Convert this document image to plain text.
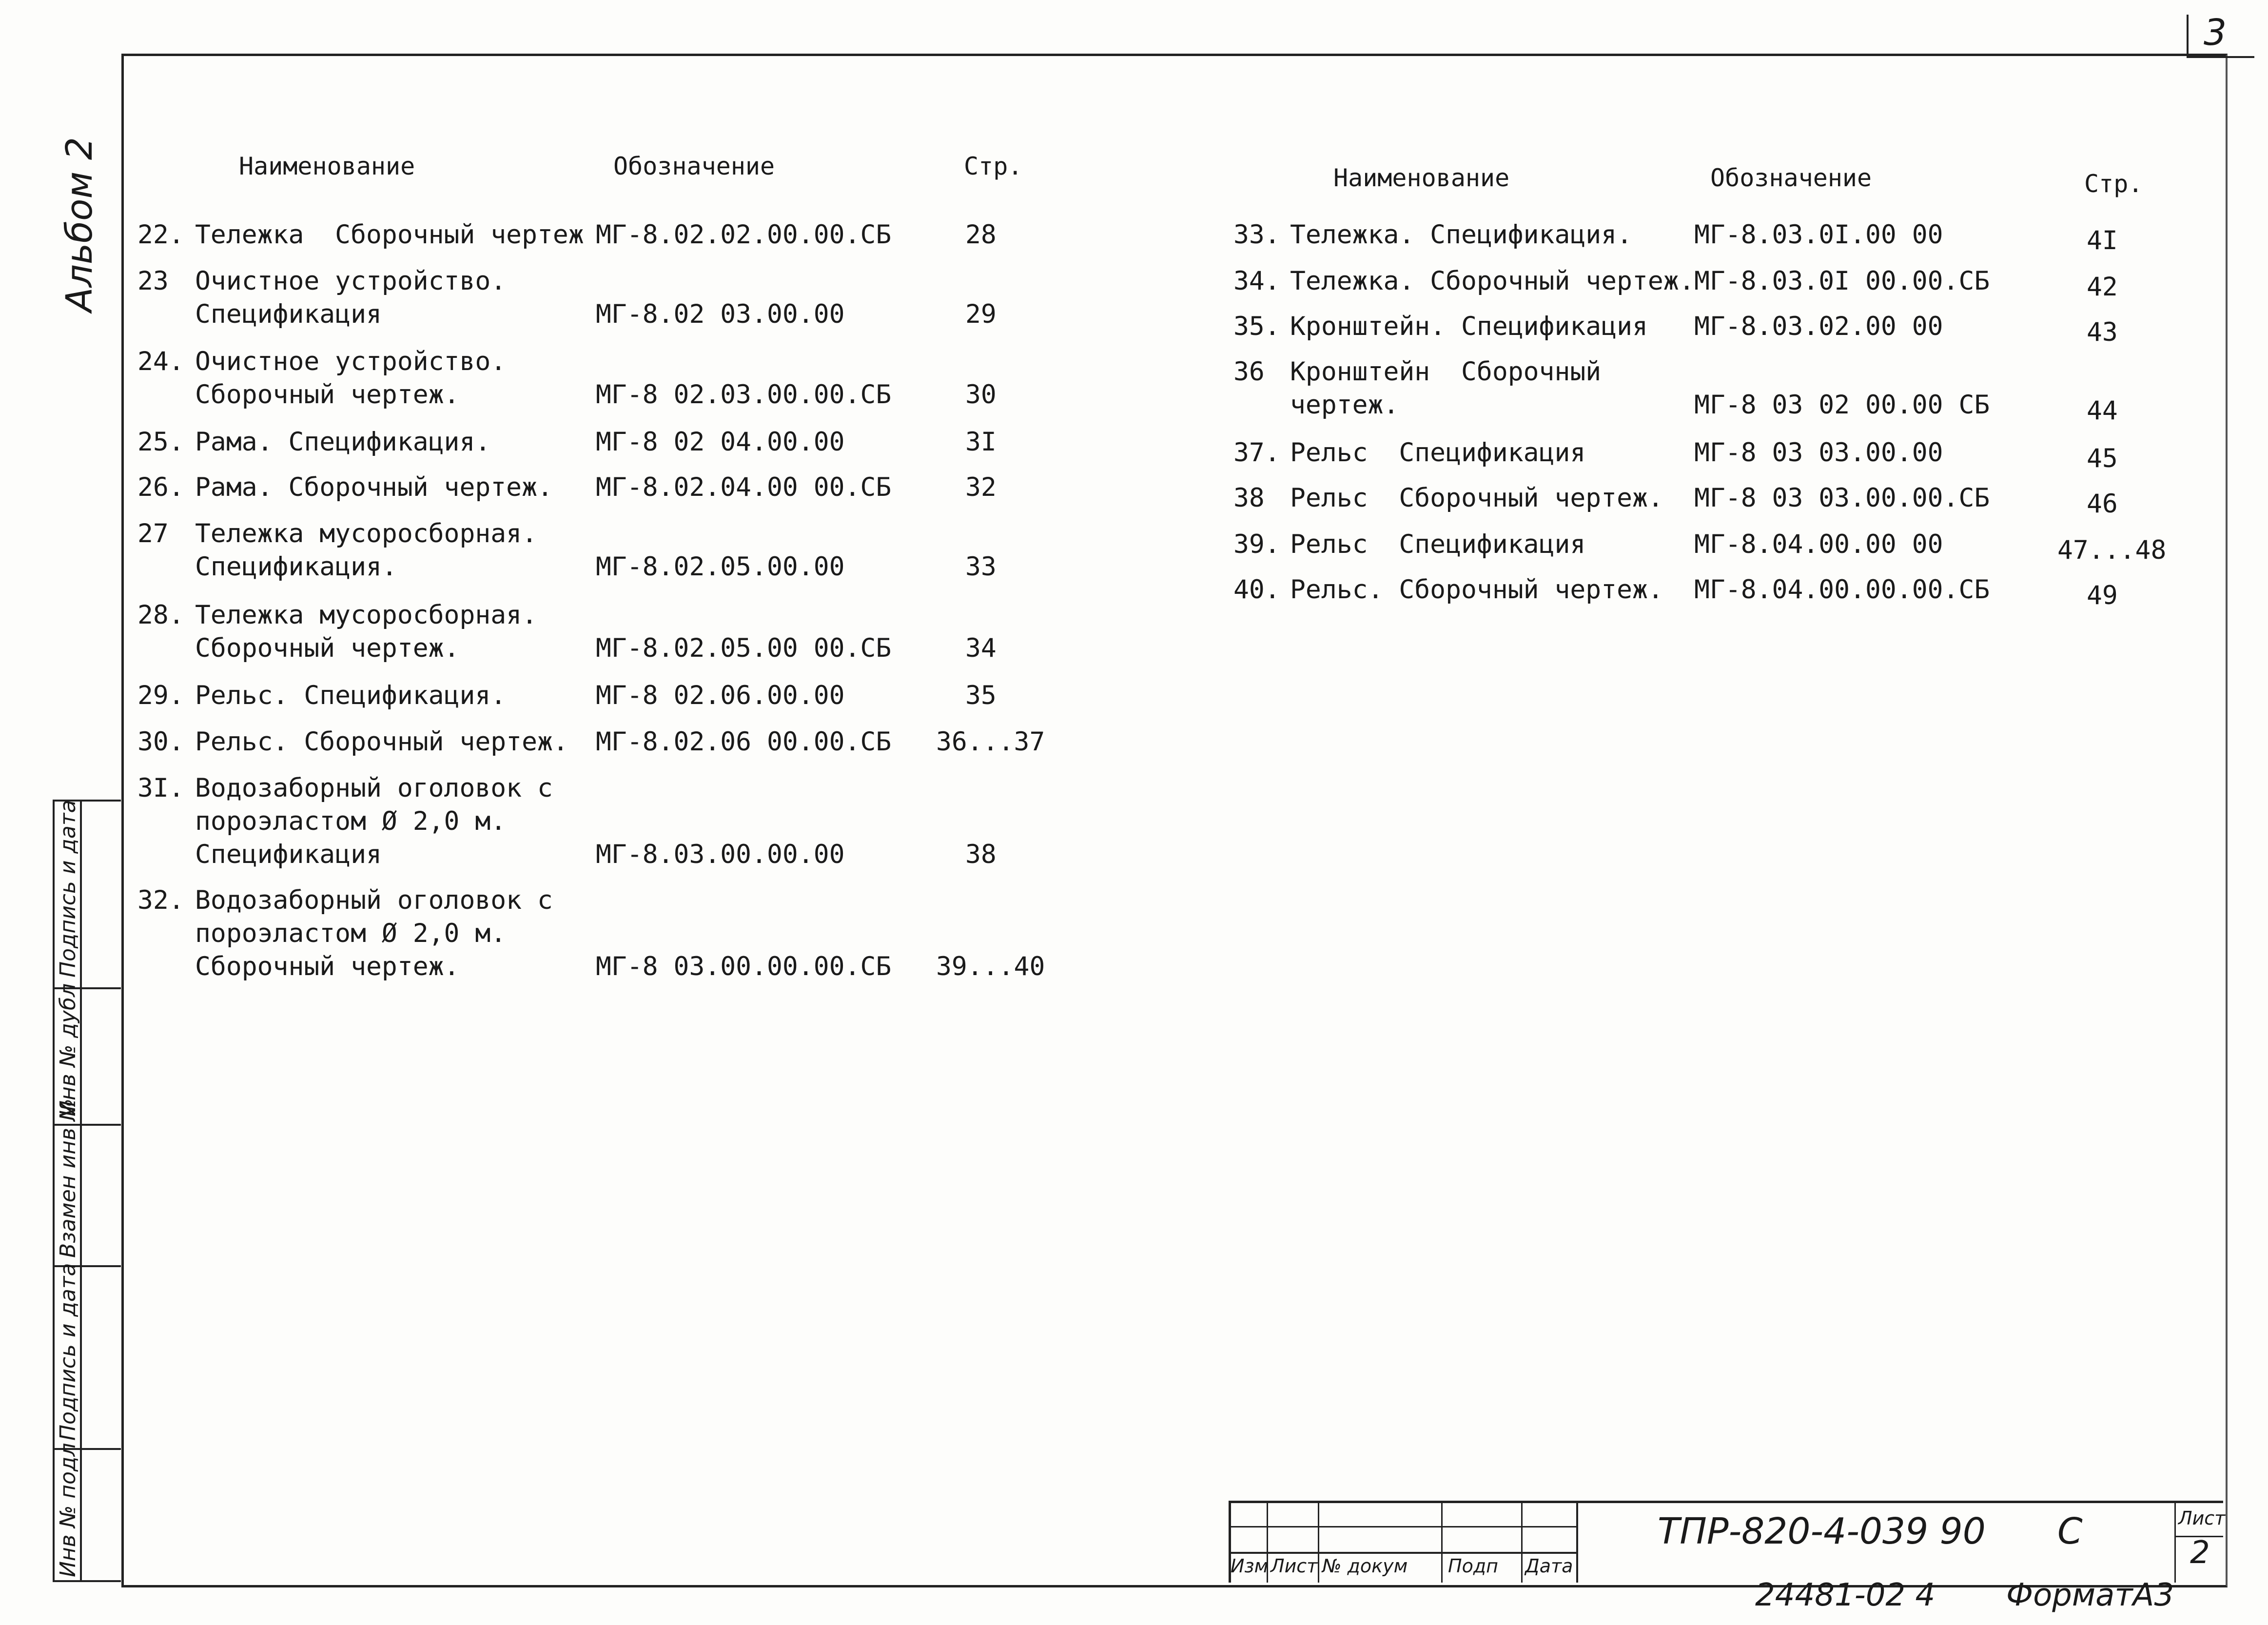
3
Альбом 2	Наименование	Обозначение	Стр.	Наименование	Обозначение	Стр.
22. Тележка  Сборочный чертеж МГ-8.02.02.00.00.СБ	28
23 Очистное устройство.
Спецификация	МГ-8.02 03.00.00	29
24. Очистное устройство.
Сборочный чертеж.	МГ-8 02.03.00.00.СБ	30
25. Рама. Спецификация.	МГ-8 02 04.00.00	3I
26. Рама. Сборочный чертеж. МГ-8.02.04.00 00.СБ	32
27 Тележка мусоросборная.
Спецификация.	МГ-8.02.05.00.00	33
28. Тележка мусоросборная.
Сборочный чертеж.	МГ-8.02.05.00 00.СБ	34
29. Рельс. Спецификация.	МГ-8 02.06.00.00	35
30. Рельс. Сборочный чертеж. МГ-8.02.06 00.00.СБ 36...37
3I. Водозаборный оголовок с
пороэластом Ø 2,0 м.
Спецификация	МГ-8.03.00.00.00	38
32. Водозаборный оголовок с
пороэластом Ø 2,0 м.
Сборочный чертеж.	МГ-8 03.00.00.00.СБ 39...40
33. Тележка. Спецификация. МГ-8.03.0I.00 00	4I
34. Тележка. Сборочный чертеж. МГ-8.03.0I 00.00.СБ	42
35. Кронштейн. Спецификация МГ-8.03.02.00 00	43
36 Кронштейн  Сборочный
чертеж.	МГ-8 03 02 00.00 СБ	44
37. Рельс  Спецификация	МГ-8 03 03.00.00	45
38 Рельс  Сборочный чертеж. МГ-8 03 03.00.00.СБ	46
39. Рельс  Спецификация	МГ-8.04.00.00 00	47...48
40. Рельс. Сборочный чертеж. МГ-8.04.00.00.00.СБ	49
Подпись и дата
Инв № дубл
Взамен инв №
Подпись и дата
Инв № подл	Изм Лист № докум Подп Дата
ТПР-820-4-039 90 С	Лист
2
24481-02 4 ФорматА3
